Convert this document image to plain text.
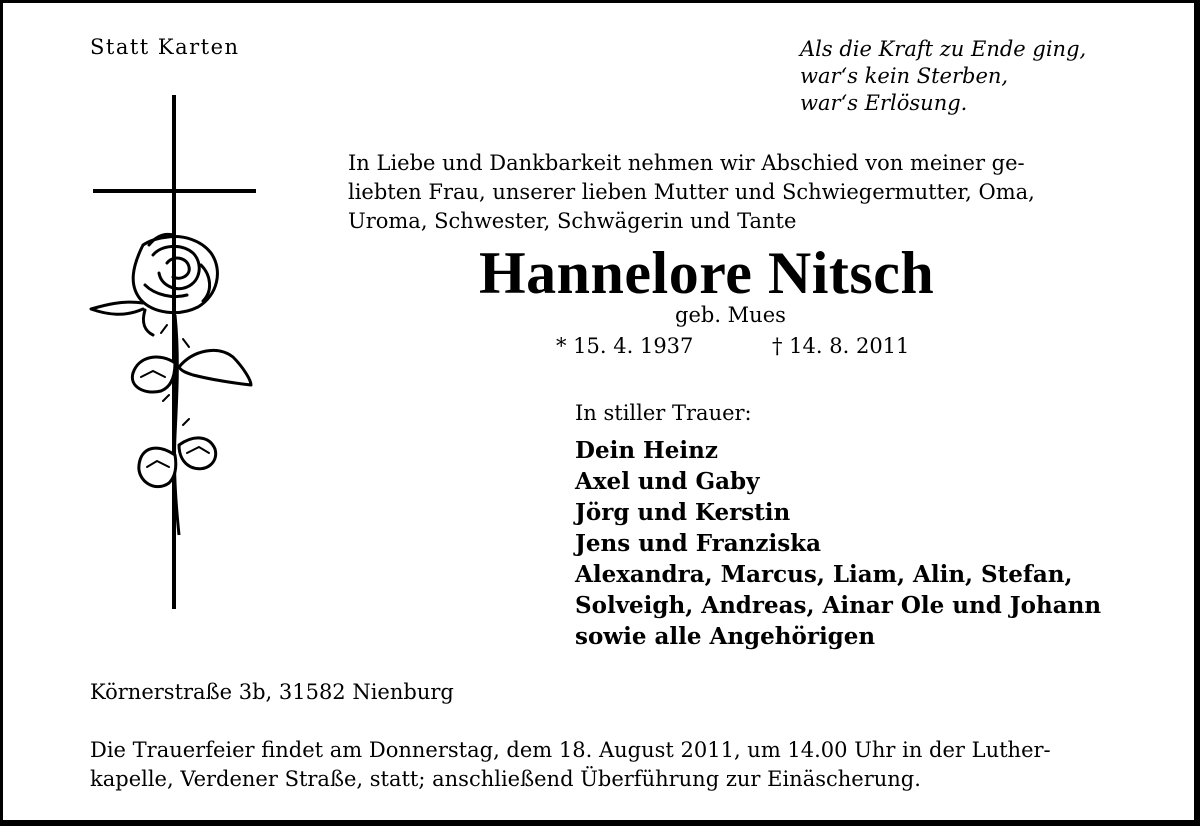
Statt Karten	Als die Kraft zu Ende ging,
war‘s kein Sterben,
war‘s Erlösung.
In Liebe und Dankbarkeit nehmen wir Abschied von meiner ge-
liebten Frau, unserer lieben Mutter und Schwiegermutter, Oma,
Uroma, Schwester, Schwägerin und Tante
Hannelore Nitsch
geb. Mues
* 15. 4. 1937	† 14. 8. 2011
In stiller Trauer:
Dein Heinz
Axel und Gaby
Jörg und Kerstin
Jens und Franziska
Alexandra, Marcus, Liam, Alin, Stefan,
Solveigh, Andreas, Ainar Ole und Johann
sowie alle Angehörigen
Körnerstraße 3b, 31582 Nienburg
Die Trauerfeier findet am Donnerstag, dem 18. August 2011, um 14.00 Uhr in der Luther-
kapelle, Verdener Straße, statt; anschließend Überführung zur Einäscherung.
